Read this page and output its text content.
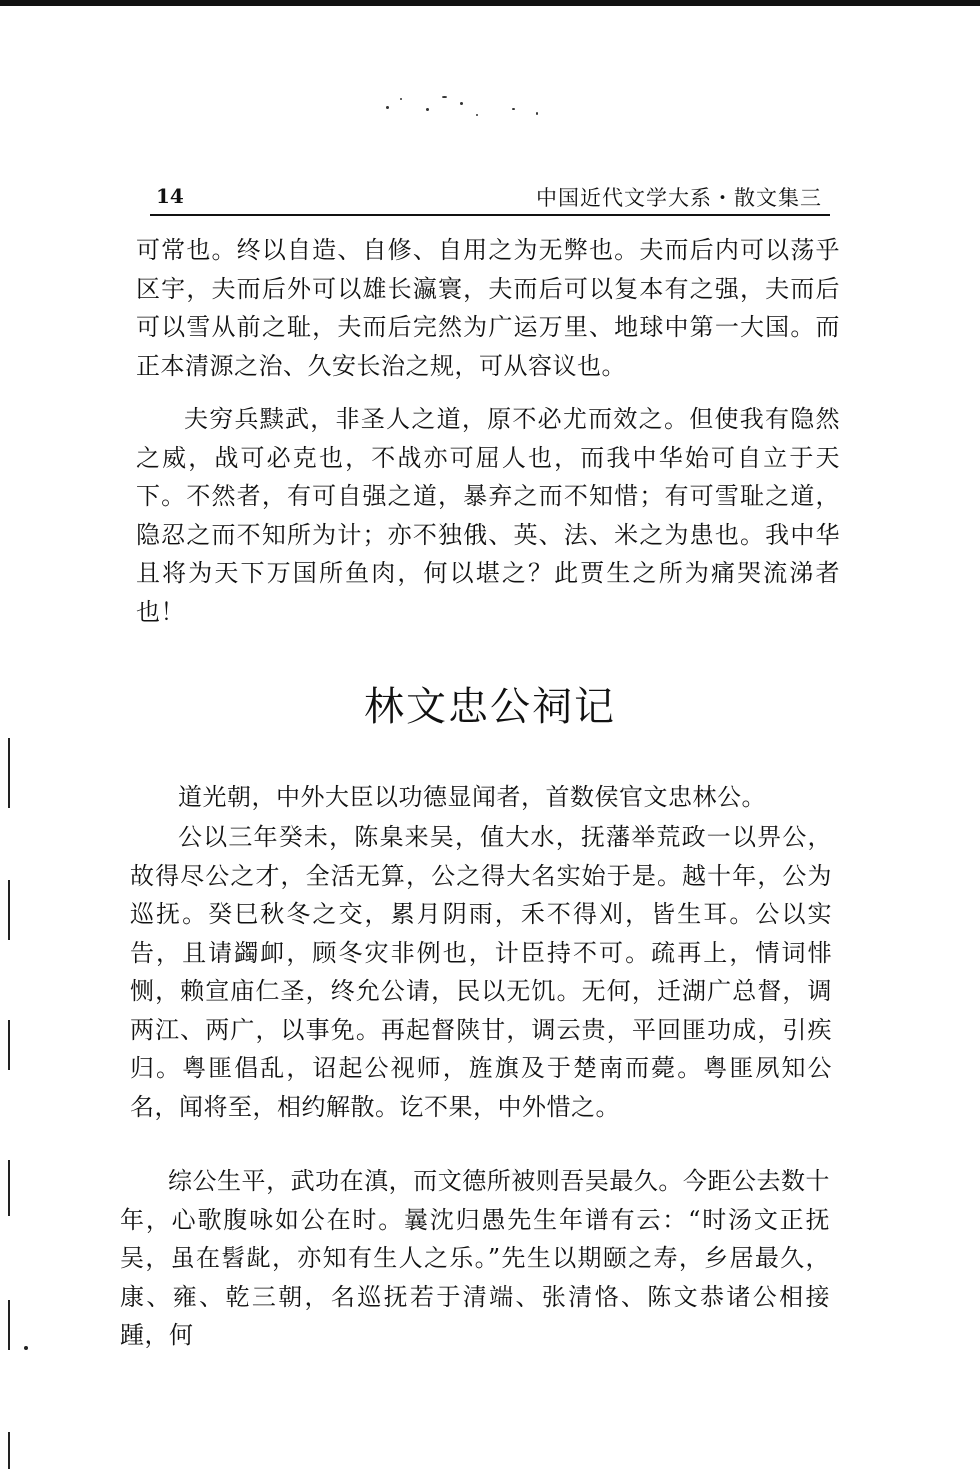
14	中国近代文学大系・散文集三

可常也。终以自造、自修、自用之为无弊也。夫而后内可以荡乎区宇，夫而后外可以雄长瀛寰，夫而后可以复本有之强，夫而后可以雪从前之耻，夫而后完然为广运万里、地球中第一大国。而正本清源之治、久安长治之规，可从容议也。

夫穷兵黩武，非圣人之道，原不必尤而效之。但使我有隐然之威，战可必克也，不战亦可屈人也，而我中华始可自立于天下。不然者，有可自强之道，暴弃之而不知惜；有可雪耻之道，隐忍之而不知所为计；亦不独俄、英、法、米之为患也。我中华且将为天下万国所鱼肉，何以堪之？此贾生之所为痛哭流涕者也！

林文忠公祠记

道光朝，中外大臣以功德显闻者，首数侯官文忠林公。

公以三年癸未，陈臬来吴，值大水，抚藩举荒政一以畀公，故得尽公之才，全活无算，公之得大名实始于是。越十年，公为巡抚。癸巳秋冬之交，累月阴雨，禾不得刈，皆生耳。公以实告，且请蠲卹，顾冬灾非例也，计臣持不可。疏再上，情词悱恻，赖宣庙仁圣，终允公请，民以无饥。无何，迁湖广总督，调两江、两广，以事免。再起督陕甘，调云贵，平回匪功成，引疾归。粤匪倡乱，诏起公视师，旌旗及于楚南而薨。粤匪夙知公名，闻将至，相约解散。讫不果，中外惜之。

综公生平，武功在滇，而文德所被则吾吴最久。今距公去数十年，心歌腹咏如公在时。曩沈归愚先生年谱有云：“时汤文正抚吴，虽在髫龀，亦知有生人之乐。”先生以期颐之寿，乡居最久，康、雍、乾三朝，名巡抚若于清端、张清恪、陈文恭诸公相接踵，何
